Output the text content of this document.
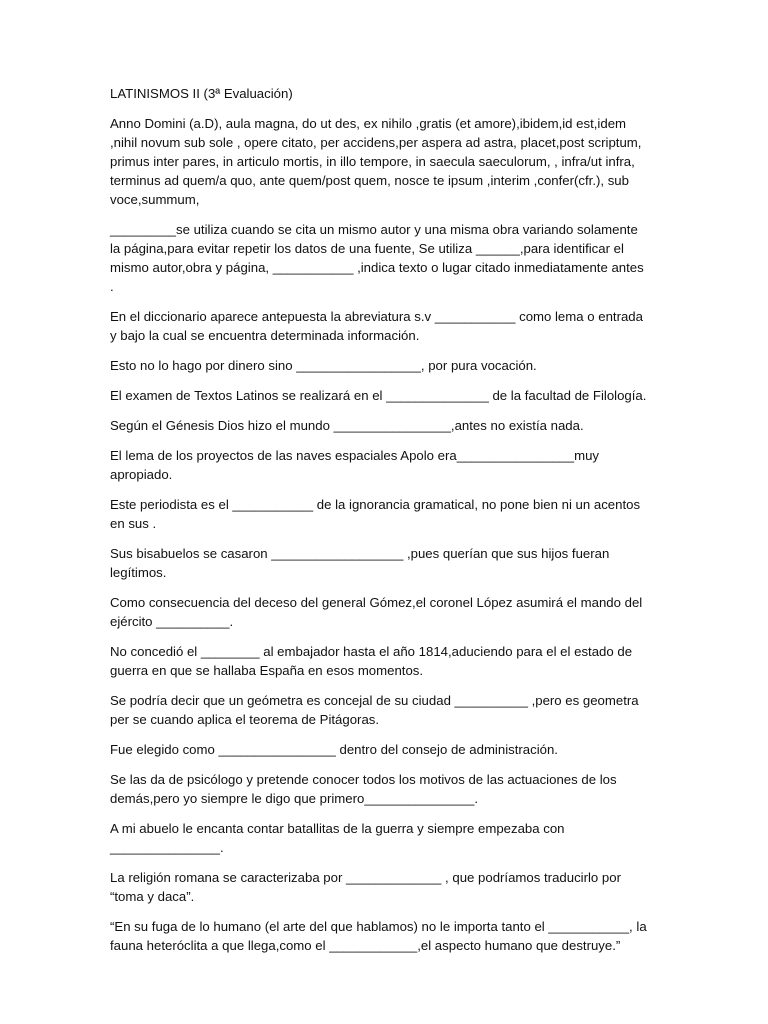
LATINISMOS II (3ª Evaluación)
Anno Domini (a.D), aula magna, do ut des, ex nihilo ,gratis (et amore),ibidem,id est,idem ,nihil novum sub sole , opere citato, per accidens,per aspera ad astra, placet,post scriptum, primus inter pares, in articulo mortis, in illo tempore, in saecula saeculorum, , infra/ut infra, terminus ad quem/a quo, ante quem/post quem, nosce te ipsum ,interim ,confer(cfr.), sub voce,summum,
_________se utiliza cuando se cita un mismo autor y una misma obra variando solamente la página,para evitar repetir los datos de una fuente, Se utiliza ______,para identificar el mismo autor,obra y página, ___________ ,indica texto o lugar citado inmediatamente antes .
En el diccionario aparece antepuesta la abreviatura s.v ___________ como lema o entrada y bajo la cual se encuentra determinada información.
Esto no lo hago por dinero sino _________________, por pura vocación.
El examen de Textos Latinos se realizará en el ______________ de la facultad de Filología.
Según el Génesis Dios hizo el mundo ________________,antes no existía nada.
El lema de los proyectos de las naves espaciales Apolo era________________muy apropiado.
Este periodista es el ___________ de la ignorancia gramatical, no pone bien ni un acentos en sus .
Sus bisabuelos se casaron __________________ ,pues querían que sus hijos fueran legítimos.
Como consecuencia del deceso del general Gómez,el coronel López asumirá el mando del ejército __________.
No concedió el ________ al embajador hasta el año 1814,aduciendo para el el estado de guerra en que se hallaba España en esos momentos.
Se podría decir que un geómetra es concejal de su ciudad __________ ,pero es geometra per se cuando aplica el teorema de Pitágoras.
Fue elegido como ________________ dentro del consejo de administración.
Se las da de psicólogo y pretende conocer todos los motivos de las actuaciones de los demás,pero yo siempre le digo que primero_______________.
A mi abuelo le encanta contar batallitas de la guerra y siempre empezaba con _______________.
La religión romana se caracterizaba por _____________ , que podríamos traducirlo por “toma y daca”.
“En su fuga de lo humano (el arte del que hablamos) no le importa tanto el ___________, la fauna heteróclita a que llega,como el ____________,el aspecto humano que destruye.”
